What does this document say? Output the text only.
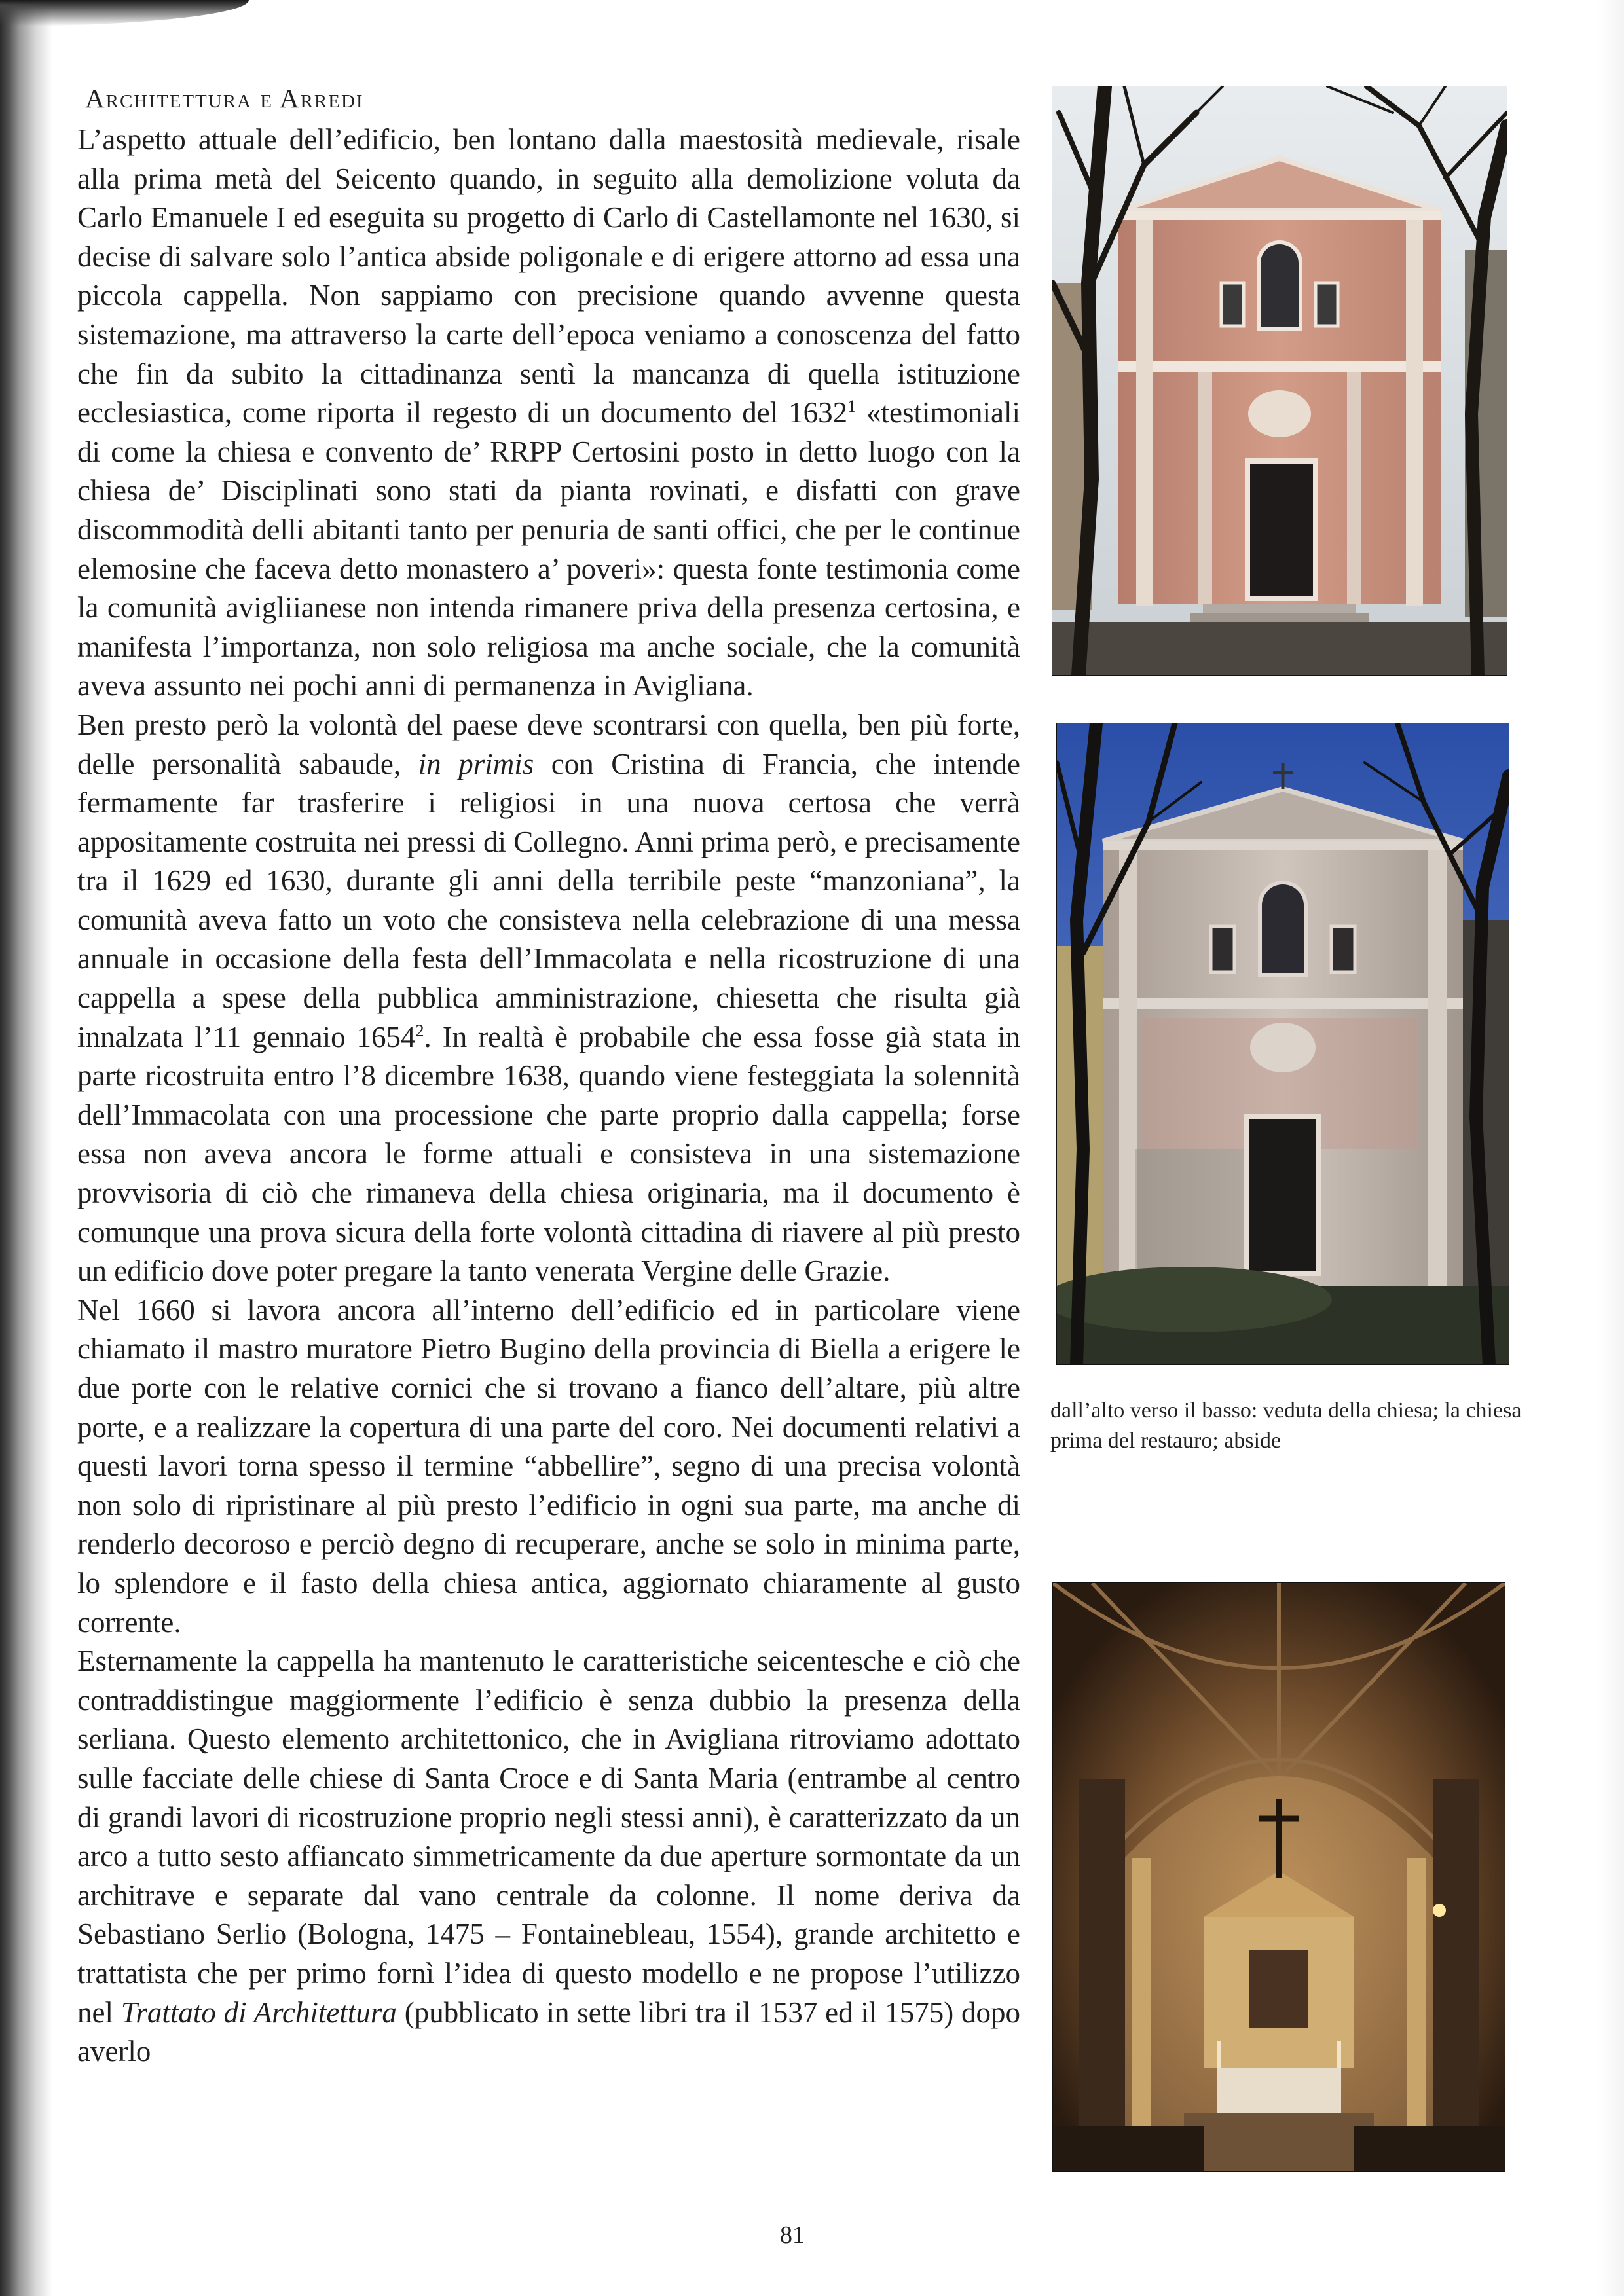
Architettura e Arredi

L’aspetto attuale dell’edificio, ben lontano dalla maestosità medievale, risale alla prima metà del Seicento quando, in seguito alla demolizione voluta da Carlo Emanuele I ed eseguita su progetto di Carlo di Castellamonte nel 1630, si decise di salvare solo l’antica abside poligonale e di erigere attorno ad essa una piccola cappella. Non sappiamo con precisione quando avvenne questa sistemazione, ma attraverso la carte dell’epoca veniamo a conoscenza del fatto che fin da subito la cittadinanza sentì la mancanza di quella istituzione ecclesiastica, come riporta il regesto di un documento del 1632$^1$ «testimoniali di come la chiesa e convento de’ RRPP Certosini posto in detto luogo con la chiesa de’ Disciplinati sono stati da pianta rovinati, e disfatti con grave discommodità delli abitanti tanto per penuria de santi offici, che per le continue elemosine che faceva detto monastero a’ poveri»: questa fonte testimonia come la comunità avigliianese non intenda rimanere priva della presenza certosina, e manifesta l’importanza, non solo religiosa ma anche sociale, che la comunità aveva assunto nei pochi anni di permanenza in Avigliana.

Ben presto però la volontà del paese deve scontrarsi con quella, ben più forte, delle personalità sabaude, in primis con Cristina di Francia, che intende fermamente far trasferire i religiosi in una nuova certosa che verrà appositamente costruita nei pressi di Collegno. Anni prima però, e precisamente tra il 1629 ed 1630, durante gli anni della terribile peste “manzoniana”, la comunità aveva fatto un voto che consisteva nella celebrazione di una messa annuale in occasione della festa dell’Immacolata e nella ricostruzione di una cappella a spese della pubblica amministrazione, chiesetta che risulta già innalzata l’11 gennaio 1654$^2$. In realtà è probabile che essa fosse già stata in parte ricostruita entro l’8 dicembre 1638, quando viene festeggiata la solennità dell’Immacolata con una processione che parte proprio dalla cappella; forse essa non aveva ancora le forme attuali e consisteva in una sistemazione provvisoria di ciò che rimaneva della chiesa originaria, ma il documento è comunque una prova sicura della forte volontà cittadina di riavere al più presto un edificio dove poter pregare la tanto venerata Vergine delle Grazie.

Nel 1660 si lavora ancora all’interno dell’edificio ed in particolare viene chiamato il mastro muratore Pietro Bugino della provincia di Biella a erigere le due porte con le relative cornici che si trovano a fianco dell’altare, più altre porte, e a realizzare la copertura di una parte del coro. Nei documenti relativi a questi lavori torna spesso il termine “abbellire”, segno di una precisa volontà non solo di ripristinare al più presto l’edificio in ogni sua parte, ma anche di renderlo decoroso e perciò degno di recuperare, anche se solo in minima parte, lo splendore e il fasto della chiesa antica, aggiornato chiaramente al gusto corrente.

Esternamente la cappella ha mantenuto le caratteristiche seicentesche e ciò che contraddistingue maggiormente l’edificio è senza dubbio la presenza della serliana. Questo elemento architettonico, che in Avigliana ritroviamo adottato sulle facciate delle chiese di Santa Croce e di Santa Maria (entrambe al centro di grandi lavori di ricostruzione proprio negli stessi anni), è caratterizzato da un arco a tutto sesto affiancato simmetricamente da due aperture sormontate da un architrave e separate dal vano centrale da colonne. Il nome deriva da Sebastiano Serlio (Bologna, 1475 – Fontainebleau, 1554), grande architetto e trattatista che per primo fornì l’idea di questo modello e ne propose l’utilizzo nel Trattato di Architettura (pubblicato in sette libri tra il 1537 ed il 1575) dopo averlo

dall’alto verso il basso: veduta della chiesa; la chiesa prima del restauro; abside
81
